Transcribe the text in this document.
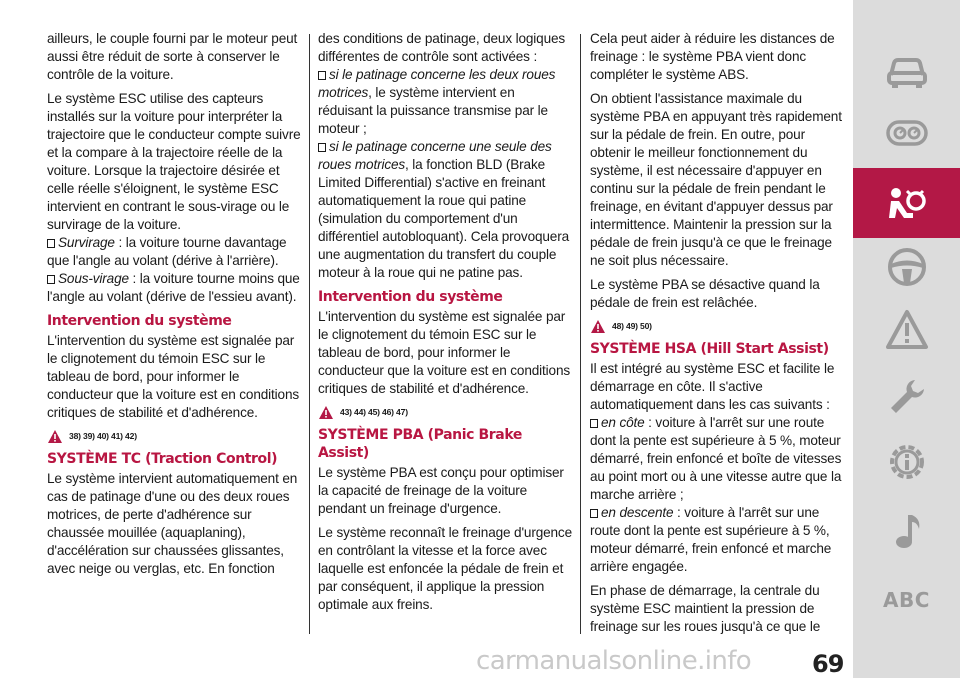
ailleurs, le couple fourni par le moteur peut aussi être réduit de sorte à conserver le contrôle de la voiture.

Le système ESC utilise des capteurs installés sur la voiture pour interpréter la trajectoire que le conducteur compte suivre et la compare à la trajectoire réelle de la voiture. Lorsque la trajectoire désirée et celle réelle s'éloignent, le système ESC intervient en contrant le sous-virage ou le survirage de la voiture.

Survirage : la voiture tourne davantage que l'angle au volant (dérive à l'arrière).
Sous-virage : la voiture tourne moins que l'angle au volant (dérive de l'essieu avant).
Intervention du système

L'intervention du système est signalée par le clignotement du témoin ESC sur le tableau de bord, pour informer le conducteur que la voiture est en conditions critiques de stabilité et d'adhérence.

38) 39) 40) 41) 42)
SYSTÈME TC (Traction Control)

Le système intervient automatiquement en cas de patinage d'une ou des deux roues motrices, de perte d'adhérence sur chaussée mouillée (aquaplaning), d'accélération sur chaussées glissantes, avec neige ou verglas, etc. En fonction

des conditions de patinage, deux logiques différentes de contrôle sont activées :

si le patinage concerne les deux roues motrices, le système intervient en réduisant la puissance transmise par le moteur ;
si le patinage concerne une seule des roues motrices, la fonction BLD (Brake Limited Differential) s'active en freinant automatiquement la roue qui patine (simulation du comportement d'un différentiel autobloquant). Cela provoquera une augmentation du transfert du couple moteur à la roue qui ne patine pas.
Intervention du système

L'intervention du système est signalée par le clignotement du témoin ESC sur le tableau de bord, pour informer le conducteur que la voiture est en conditions critiques de stabilité et d'adhérence.

43) 44) 45) 46) 47)
SYSTÈME PBA (Panic Brake Assist)

Le système PBA est conçu pour optimiser la capacité de freinage de la voiture pendant un freinage d'urgence.

Le système reconnaît le freinage d'urgence en contrôlant la vitesse et la force avec laquelle est enfoncée la pédale de frein et par conséquent, il applique la pression optimale aux freins.

Cela peut aider à réduire les distances de freinage : le système PBA vient donc compléter le système ABS.

On obtient l'assistance maximale du système PBA en appuyant très rapidement sur la pédale de frein. En outre, pour obtenir le meilleur fonctionnement du système, il est nécessaire d'appuyer en continu sur la pédale de frein pendant le freinage, en évitant d'appuyer dessus par intermittence. Maintenir la pression sur la pédale de frein jusqu'à ce que le freinage ne soit plus nécessaire.

Le système PBA se désactive quand la pédale de frein est relâchée.

48) 49) 50)
SYSTÈME HSA (Hill Start Assist)

Il est intégré au système ESC et facilite le démarrage en côte. Il s'active automatiquement dans les cas suivants :

en côte : voiture à l'arrêt sur une route dont la pente est supérieure à 5 %, moteur démarré, frein enfoncé et boîte de vitesses au point mort ou à une vitesse autre que la marche arrière ;
en descente : voiture à l'arrêt sur une route dont la pente est supérieure à 5 %, moteur démarré, frein enfoncé et marche arrière engagée.

En phase de démarrage, la centrale du système ESC maintient la pression de freinage sur les roues jusqu'à ce que le

ABC
carmanualsonline.info	69
